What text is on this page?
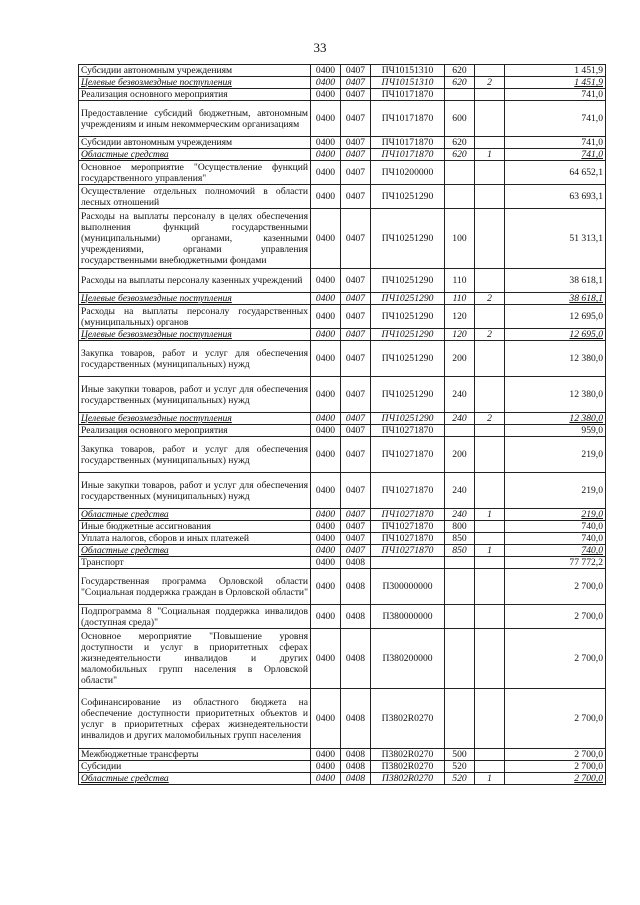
33
Субсидии автономным учреждениям	0400	0407	ПЧ10151310	620		1 451,9
Целевые безвозмездные поступления	0400	0407	ПЧ10151310	620	2	1 451,9
Реализация основного мероприятия	0400	0407	ПЧ10171870			741,0
Предоставление субсидий бюджетным, автономным учреждениям и иным некоммерческим организациям	0400	0407	ПЧ10171870	600		741,0
Субсидии автономным учреждениям	0400	0407	ПЧ10171870	620		741,0
Областные средства	0400	0407	ПЧ10171870	620	1	741,0
Основное мероприятие "Осуществление функций государственного управления"	0400	0407	ПЧ10200000			64 652,1
Осуществление отдельных полномочий в области лесных отношений	0400	0407	ПЧ10251290			63 693,1
Расходы на выплаты персоналу в целях обеспечения выполнения функций государственными (муниципальными) органами, казенными учреждениями, органами управления государственными внебюджетными фондами	0400	0407	ПЧ10251290	100		51 313,1
Расходы на выплаты персоналу казенных учреждений	0400	0407	ПЧ10251290	110		38 618,1
Целевые безвозмездные поступления	0400	0407	ПЧ10251290	110	2	38 618,1
Расходы на выплаты персоналу государственных (муниципальных) органов	0400	0407	ПЧ10251290	120		12 695,0
Целевые безвозмездные поступления	0400	0407	ПЧ10251290	120	2	12 695,0
Закупка товаров, работ и услуг для обеспечения государственных (муниципальных) нужд	0400	0407	ПЧ10251290	200		12 380,0
Иные закупки товаров, работ и услуг для обеспечения государственных (муниципальных) нужд	0400	0407	ПЧ10251290	240		12 380,0
Целевые безвозмездные поступления	0400	0407	ПЧ10251290	240	2	12 380,0
Реализация основного мероприятия	0400	0407	ПЧ10271870			959,0
Закупка товаров, работ и услуг для обеспечения государственных (муниципальных) нужд	0400	0407	ПЧ10271870	200		219,0
Иные закупки товаров, работ и услуг для обеспечения государственных (муниципальных) нужд	0400	0407	ПЧ10271870	240		219,0
Областные средства	0400	0407	ПЧ10271870	240	1	219,0
Иные бюджетные ассигнования	0400	0407	ПЧ10271870	800		740,0
Уплата налогов, сборов и иных платежей	0400	0407	ПЧ10271870	850		740,0
Областные средства	0400	0407	ПЧ10271870	850	1	740,0
Транспорт	0400	0408				77 772,2
Государственная программа Орловской области "Социальная поддержка граждан в Орловской области"	0400	0408	П300000000			2 700,0
Подпрограмма 8 "Социальная поддержка инвалидов (доступная среда)"	0400	0408	П380000000			2 700,0
Основное мероприятие "Повышение уровня доступности и услуг в приоритетных сферах жизнедеятельности инвалидов и других маломобильных групп населения в Орловской области"	0400	0408	П380200000			2 700,0
Софинансирование из областного бюджета на обеспечение доступности приоритетных объектов и услуг в приоритетных сферах жизнедеятельности инвалидов и других маломобильных групп населения	0400	0408	П3802R0270			2 700,0
Межбюджетные трансферты	0400	0408	П3802R0270	500		2 700,0
Субсидии	0400	0408	П3802R0270	520		2 700,0
Областные средства	0400	0408	П3802R0270	520	1	2 700,0
